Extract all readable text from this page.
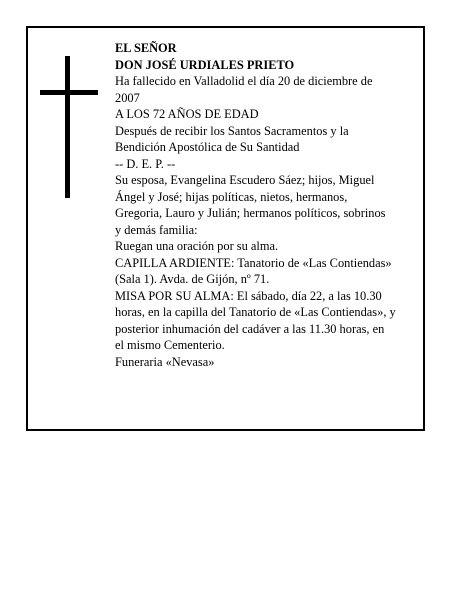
EL SEÑOR

DON JOSÉ URDIALES PRIETO

Ha fallecido en Valladolid el día 20 de diciembre de

2007

A LOS 72 AÑOS DE EDAD

Después de recibir los Santos Sacramentos y la

Bendición Apostólica de Su Santidad

-- D. E. P. --

Su esposa, Evangelina Escudero Sáez; hijos, Miguel

Ángel y José; hijas políticas, nietos, hermanos,

Gregoria, Lauro y Julián; hermanos políticos, sobrinos

y demás familia:

Ruegan una oración por su alma.

CAPILLA ARDIENTE: Tanatorio de «Las Contiendas»

(Sala 1). Avda. de Gijón, nº 71.

MISA POR SU ALMA: El sábado, día 22, a las 10.30

horas, en la capilla del Tanatorio de «Las Contiendas», y

posterior inhumación del cadáver a las 11.30 horas, en

el mismo Cementerio.

Funeraria «Nevasa»
